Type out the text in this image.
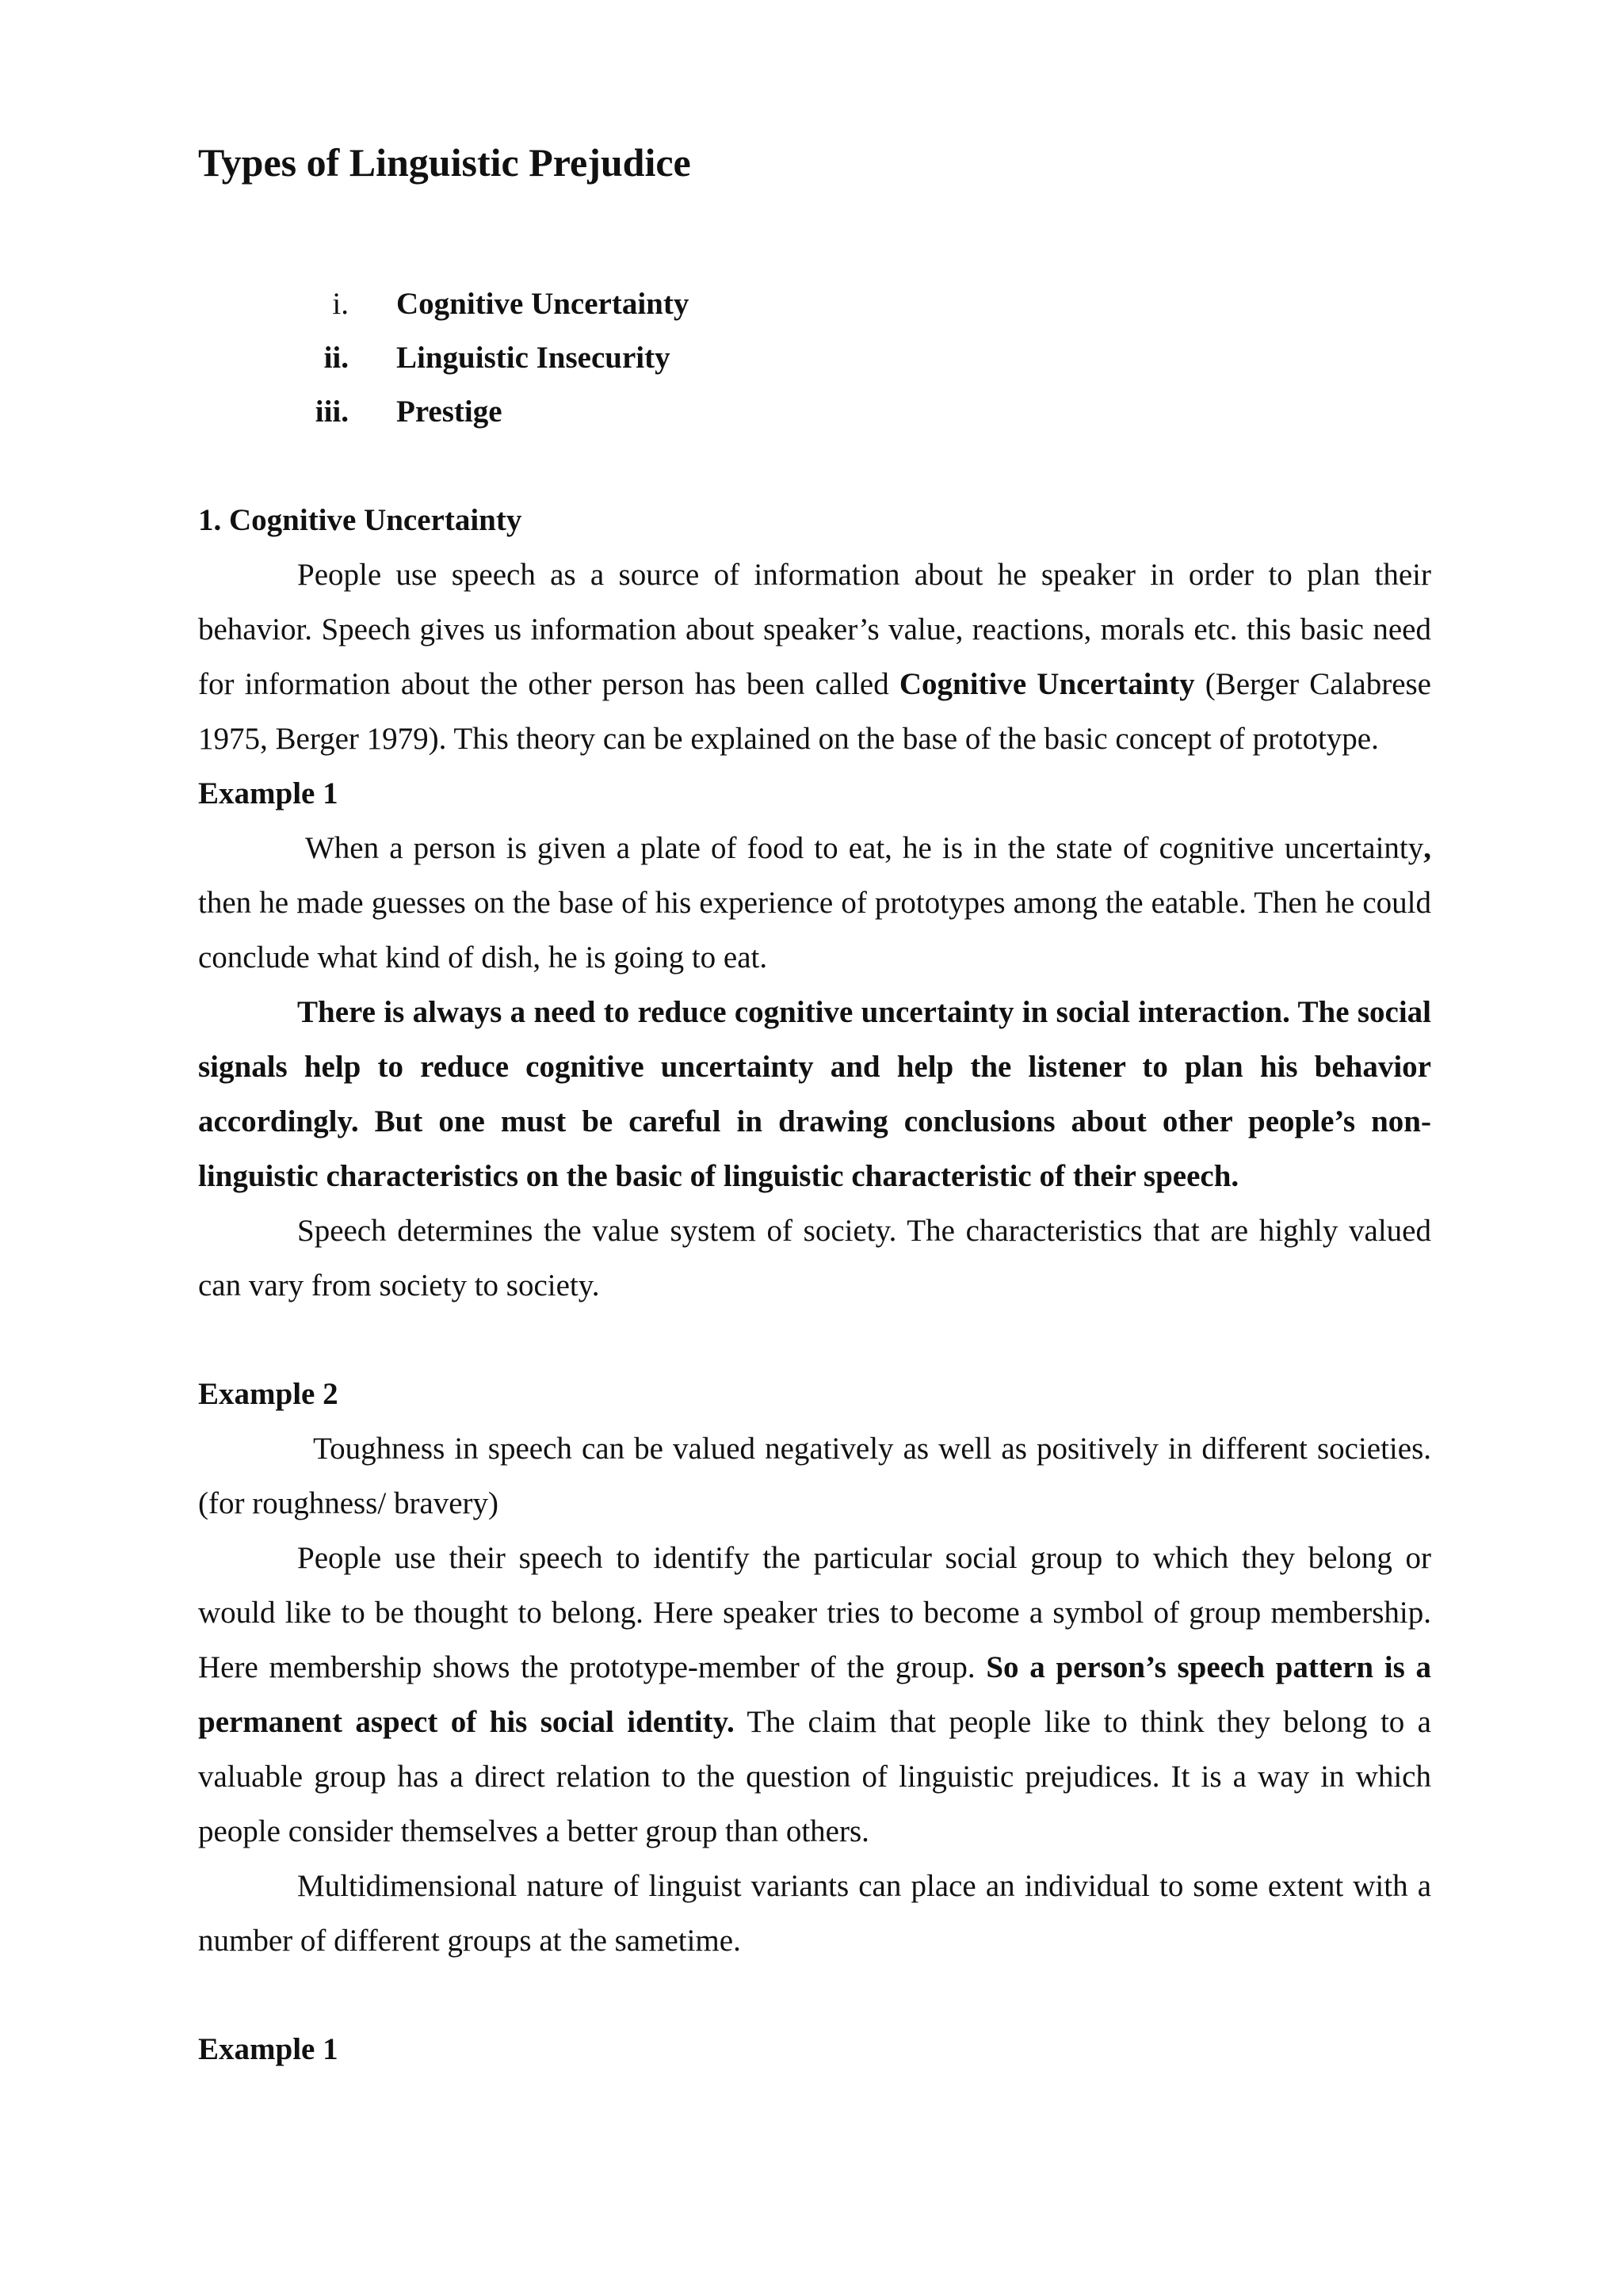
Types of Linguistic Prejudice
i. Cognitive Uncertainty
ii. Linguistic Insecurity
iii. Prestige
1. Cognitive Uncertainty

People use speech as a source of information about he speaker in order to plan their behavior. Speech gives us information about speaker’s value, reactions, morals etc. this basic need for information about the other person has been called Cognitive Uncertainty (Berger Calabrese 1975, Berger 1979). This theory can be explained on the base of the basic concept of prototype.

Example 1

When a person is given a plate of food to eat, he is in the state of cognitive uncertainty, then he made guesses on the base of his experience of prototypes among the eatable. Then he could conclude what kind of dish, he is going to eat.

There is always a need to reduce cognitive uncertainty in social interaction. The social signals help to reduce cognitive uncertainty and help the listener to plan his behavior accordingly. But one must be careful in drawing conclusions about other people’s non-linguistic characteristics on the basic of linguistic characteristic of their speech.

Speech determines the value system of society. The characteristics that are highly valued can vary from society to society.

Example 2

Toughness in speech can be valued negatively as well as positively in different societies.(for roughness/ bravery)

People use their speech to identify the particular social group to which they belong or would like to be thought to belong. Here speaker tries to become a symbol of group membership. Here membership shows the prototype-member of the group. So a person’s speech pattern is a permanent aspect of his social identity. The claim that people like to think they belong to a valuable group has a direct relation to the question of linguistic prejudices. It is a way in which people consider themselves a better group than others.

Multidimensional nature of linguist variants can place an individual to some extent with a number of different groups at the sametime.

Example 1
